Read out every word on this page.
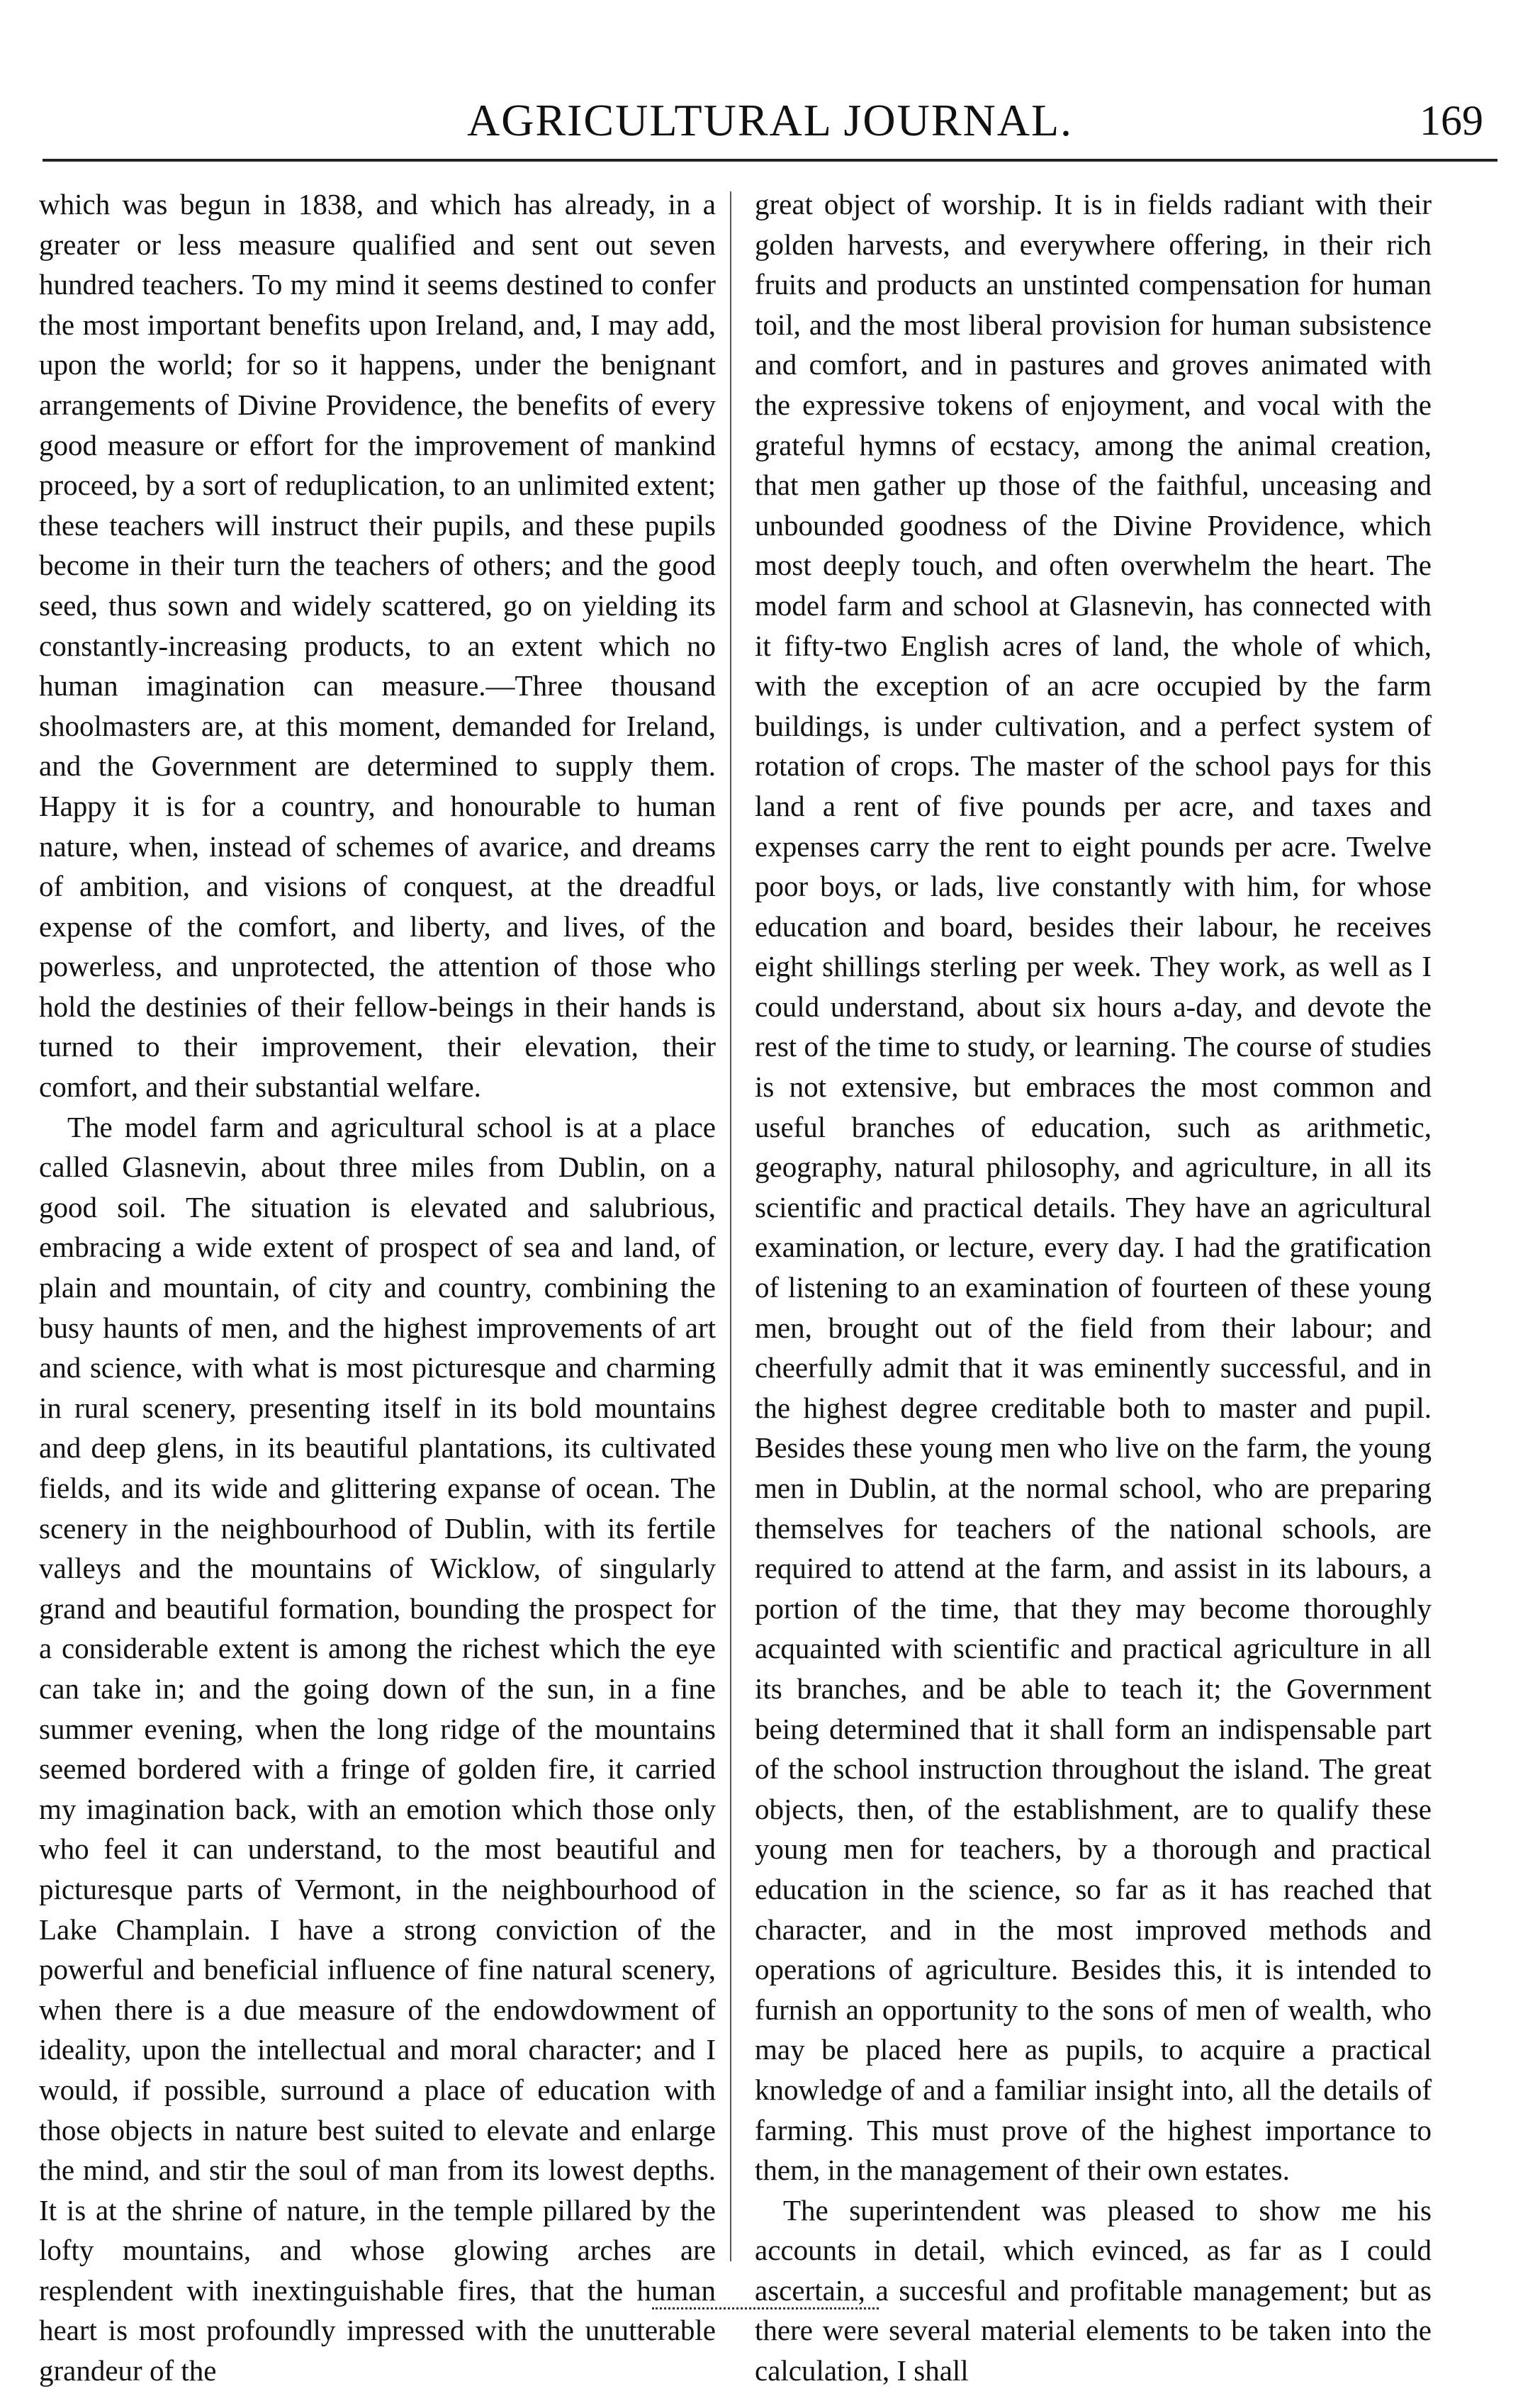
AGRICULTURAL JOURNAL.	169

which was begun in 1838, and which has already, in a greater or less measure qualified and sent out seven hundred teachers. To my mind it seems destined to confer the most important benefits upon Ireland, and, I may add, upon the world; for so it happens, under the benignant arrangements of Divine Providence, the benefits of every good measure or effort for the improvement of mankind proceed, by a sort of reduplication, to an unlimited extent; these teachers will instruct their pupils, and these pupils become in their turn the teachers of others; and the good seed, thus sown and widely scattered, go on yielding its constantly-increasing products, to an extent which no human imagination can measure.—Three thousand shoolmasters are, at this moment, demanded for Ireland, and the Government are determined to supply them. Happy it is for a country, and honourable to human nature, when, instead of schemes of avarice, and dreams of ambition, and visions of conquest, at the dreadful expense of the comfort, and liberty, and lives, of the powerless, and unprotected, the attention of those who hold the destinies of their fellow-beings in their hands is turned to their improvement, their elevation, their comfort, and their substantial welfare.

The model farm and agricultural school is at a place called Glasnevin, about three miles from Dublin, on a good soil. The situation is elevated and salubrious, embracing a wide extent of prospect of sea and land, of plain and mountain, of city and country, combining the busy haunts of men, and the highest improvements of art and science, with what is most picturesque and charming in rural scenery, presenting itself in its bold mountains and deep glens, in its beautiful plantations, its cultivated fields, and its wide and glittering expanse of ocean. The scenery in the neighbourhood of Dublin, with its fertile valleys and the mountains of Wicklow, of singularly grand and beautiful formation, bounding the prospect for a considerable extent is among the richest which the eye can take in; and the going down of the sun, in a fine summer evening, when the long ridge of the mountains seemed bordered with a fringe of golden fire, it carried my imagination back, with an emotion which those only who feel it can understand, to the most beautiful and picturesque parts of Vermont, in the neighbourhood of Lake Champlain. I have a strong conviction of the powerful and beneficial influence of fine natural scenery, when there is a due measure of the endowdowment of ideality, upon the intellectual and moral character; and I would, if possible, surround a place of education with those objects in nature best suited to elevate and enlarge the mind, and stir the soul of man from its lowest depths. It is at the shrine of nature, in the temple pillared by the lofty mountains, and whose glowing arches are resplendent with inextinguishable fires, that the human heart is most profoundly impressed with the unutterable grandeur of the

great object of worship. It is in fields radiant with their golden harvests, and everywhere offering, in their rich fruits and products an unstinted compensation for human toil, and the most liberal provision for human subsistence and comfort, and in pastures and groves animated with the expressive tokens of enjoyment, and vocal with the grateful hymns of ecstacy, among the animal creation, that men gather up those of the faithful, unceasing and unbounded goodness of the Divine Providence, which most deeply touch, and often overwhelm the heart. The model farm and school at Glasnevin, has connected with it fifty-two English acres of land, the whole of which, with the exception of an acre occupied by the farm buildings, is under cultivation, and a perfect system of rotation of crops. The master of the school pays for this land a rent of five pounds per acre, and taxes and expenses carry the rent to eight pounds per acre. Twelve poor boys, or lads, live constantly with him, for whose education and board, besides their labour, he receives eight shillings sterling per week. They work, as well as I could understand, about six hours a-day, and devote the rest of the time to study, or learning. The course of studies is not extensive, but embraces the most common and useful branches of education, such as arithmetic, geography, natural philosophy, and agriculture, in all its scientific and practical details. They have an agricultural examination, or lecture, every day. I had the gratification of listening to an examination of fourteen of these young men, brought out of the field from their labour; and cheerfully admit that it was eminently successful, and in the highest degree creditable both to master and pupil. Besides these young men who live on the farm, the young men in Dublin, at the normal school, who are preparing themselves for teachers of the national schools, are required to attend at the farm, and assist in its labours, a portion of the time, that they may become thoroughly acquainted with scientific and practical agriculture in all its branches, and be able to teach it; the Government being determined that it shall form an indispensable part of the school instruction throughout the island. The great objects, then, of the establishment, are to qualify these young men for teachers, by a thorough and practical education in the science, so far as it has reached that character, and in the most improved methods and operations of agriculture. Besides this, it is intended to furnish an opportunity to the sons of men of wealth, who may be placed here as pupils, to acquire a practical knowledge of and a familiar insight into, all the details of farming. This must prove of the highest importance to them, in the management of their own estates.

The superintendent was pleased to show me his accounts in detail, which evinced, as far as I could ascertain, a succesful and profitable management; but as there were several material elements to be taken into the calculation, I shall
